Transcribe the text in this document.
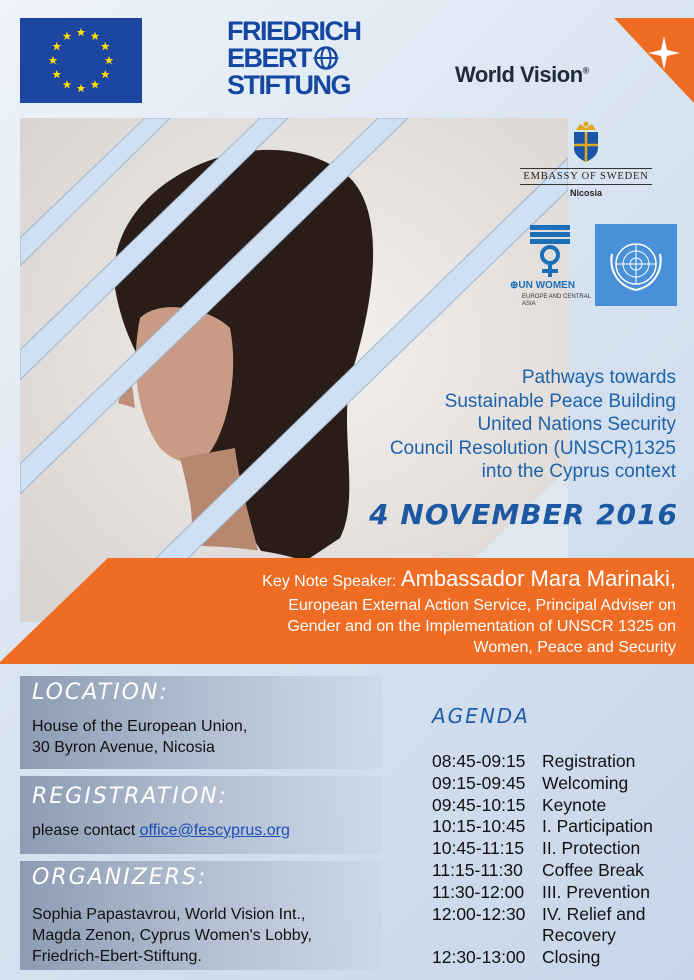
FRIEDRICH
EBERT
STIFTUNG	World Vision®
EMBASSY OF SWEDEN
Nicosia
⊕UN WOMEN
EUROPE AND CENTRAL ASIA
Pathways towards
Sustainable Peace Building
United Nations Security
Council Resolution (UNSCR)1325
into the Cyprus context
4 NOVEMBER 2016
Key Note Speaker: Ambassador Mara Marinaki,
European External Action Service, Principal Adviser on
Gender and on the Implementation of UNSCR 1325 on
Women, Peace and Security
LOCATION:
House of the European Union,
30 Byron Avenue, Nicosia
REGISTRATION:
please contact office@fescyprus.org
ORGANIZERS:
Sophia Papastavrou, World Vision Int.,
Magda Zenon, Cyprus Women's Lobby,
Friedrich-Ebert-Stiftung.
AGENDA
08:45-09:15 Registration
09:15-09:45 Welcoming
09:45-10:15 Keynote
10:15-10:45 I. Participation
10:45-11:15	II. Protection
11:15-11:30	Coffee Break
11:30-12:00	III. Prevention
12:00-12:30 IV. Relief and
Recovery
12:30-13:00 Closing
